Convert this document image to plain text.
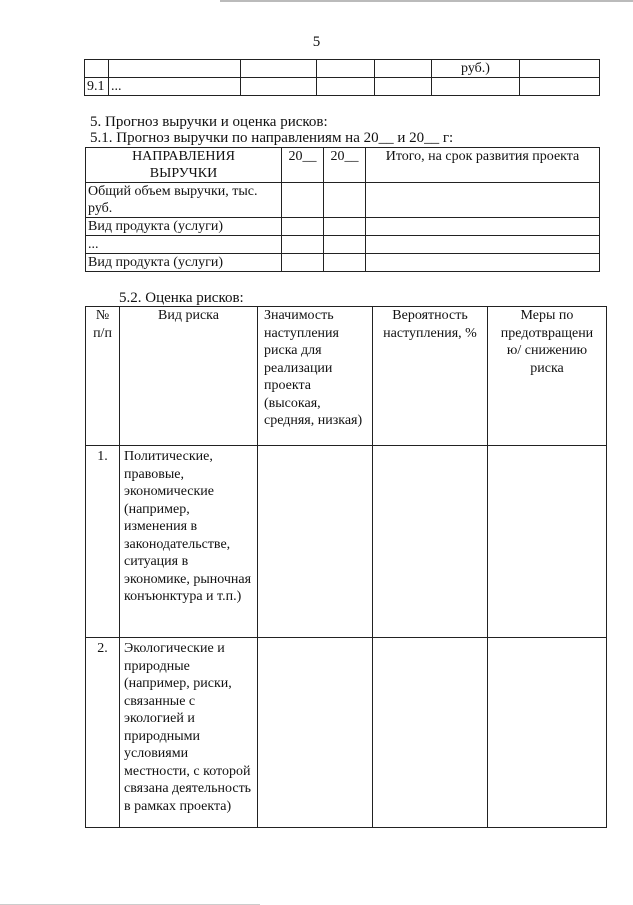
5
					руб.)	
9.1	...					
5. Прогноз выручки и оценка рисков:
5.1. Прогноз выручки по направлениям на 20__ и 20__ г:
НАПРАВЛЕНИЯ ВЫРУЧКИ	20__	20__	Итого, на срок развития проекта
Общий объем выручки, тыс. руб.			
Вид продукта (услуги)			
...			
Вид продукта (услуги)			
5.2. Оценка рисков:
№ п/п	Вид риска	Значимость наступления риска для реализации проекта (высокая, средняя, низкая)	Вероятность наступления, %	Меры по предотвращени ю/ снижению риска
1.	Политические, правовые, экономические (например, изменения в законодательстве, ситуация в экономике, рыночная конъюнктура и т.п.)			
2.	Экологические и природные (например, риски, связанные с экологией и природными условиями местности, с которой связана деятельность в рамках проекта)			
